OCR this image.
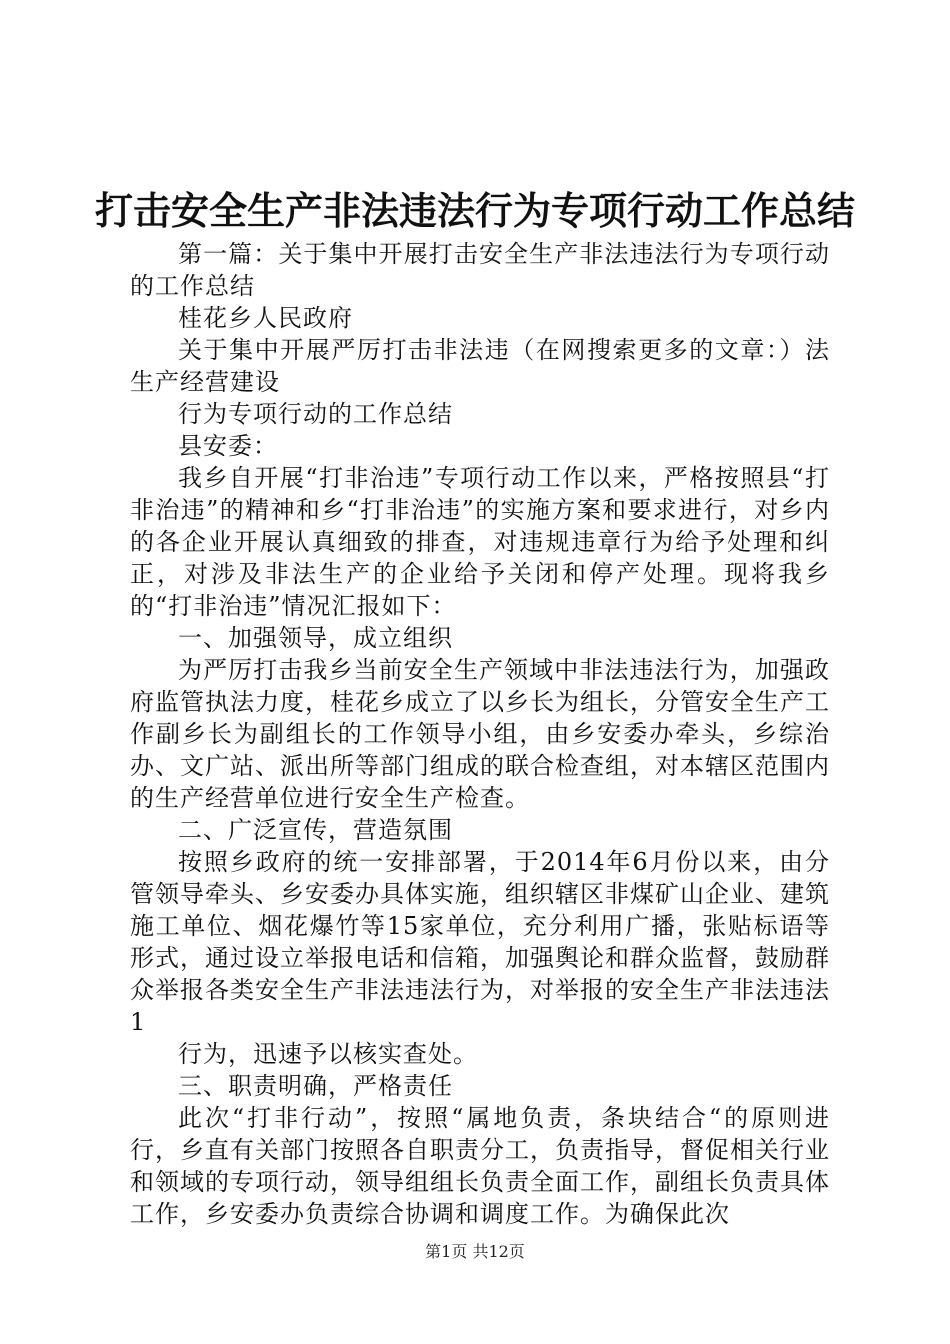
打击安全生产非法违法行为专项行动工作总结

第一篇：关于集中开展打击安全生产非法违法行为专项行动的工作总结

桂花乡人民政府

关于集中开展严厉打击非法违（在网搜索更多的文章：）法生产经营建设

行为专项行动的工作总结

县安委：

我乡自开展“打非治违”专项行动工作以来，严格按照县“打非治违”的精神和乡“打非治违”的实施方案和要求进行，对乡内的各企业开展认真细致的排查，对违规违章行为给予处理和纠正，对涉及非法生产的企业给予关闭和停产处理。现将我乡的“打非治违”情况汇报如下：

一、加强领导，成立组织

为严厉打击我乡当前安全生产领域中非法违法行为，加强政府监管执法力度，桂花乡成立了以乡长为组长，分管安全生产工作副乡长为副组长的工作领导小组，由乡安委办牵头，乡综治办、文广站、派出所等部门组成的联合检查组，对本辖区范围内的生产经营单位进行安全生产检查。

二、广泛宣传，营造氛围

按照乡政府的统一安排部署，于2014年6月份以来，由分管领导牵头、乡安委办具体实施，组织辖区非煤矿山企业、建筑施工单位、烟花爆竹等15家单位，充分利用广播，张贴标语等形式，通过设立举报电话和信箱，加强舆论和群众监督，鼓励群众举报各类安全生产非法违法行为，对举报的安全生产非法违法1

行为，迅速予以核实查处。

三、职责明确，严格责任

此次“打非行动”，按照“属地负责，条块结合“的原则进行，乡直有关部门按照各自职责分工，负责指导，督促相关行业和领域的专项行动，领导组组长负责全面工作，副组长负责具体工作，乡安委办负责综合协调和调度工作。为确保此次

第1页 共12页
